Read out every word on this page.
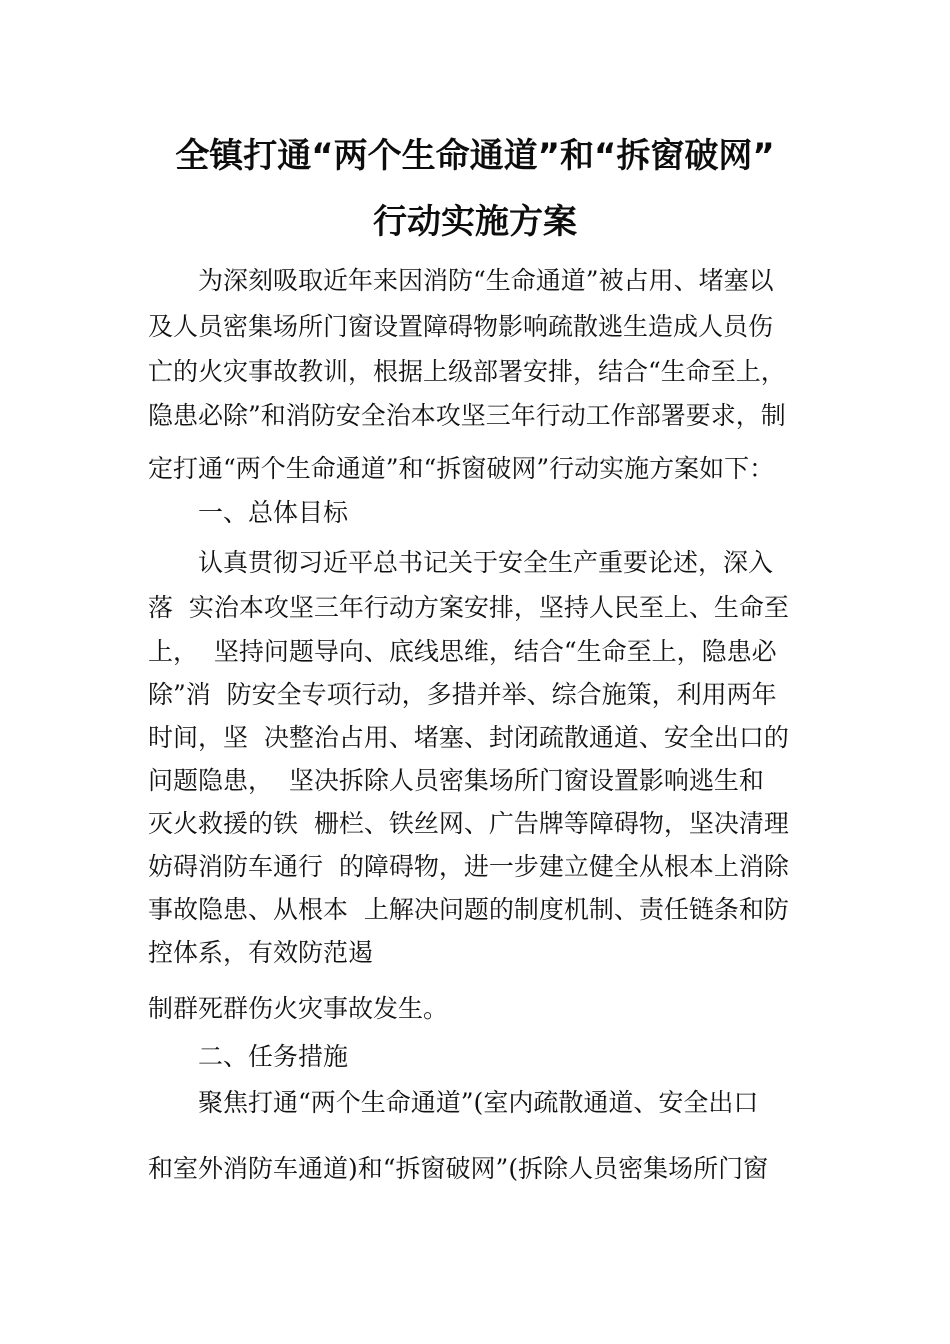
全镇打通“两个生命通道”和“拆窗破网”
行动实施方案
为深刻吸取近年来因消防“生命通道”被占用、堵塞以
及人员密集场所门窗设置障碍物影响疏散逃生造成人员伤
亡的火灾事故教训，根据上级部署安排，结合“生命至上，
隐患必除”和消防安全治本攻坚三年行动工作部署要求，制
定打通“两个生命通道”和“拆窗破网”行动实施方案如下：
一、总体目标
认真贯彻习近平总书记关于安全生产重要论述，深入
落  实治本攻坚三年行动方案安排，坚持人民至上、生命至
上，  坚持问题导向、底线思维，结合“生命至上，隐患必
除”消  防安全专项行动，多措并举、综合施策，利用两年
时间，坚  决整治占用、堵塞、封闭疏散通道、安全出口的
问题隐患，  坚决拆除人员密集场所门窗设置影响逃生和
灭火救援的铁  栅栏、铁丝网、广告牌等障碍物，坚决清理
妨碍消防车通行  的障碍物，进一步建立健全从根本上消除
事故隐患、从根本  上解决问题的制度机制、责任链条和防
控体系，有效防范遏
制群死群伤火灾事故发生。
二、任务措施
聚焦打通“两个生命通道”(室内疏散通道、安全出口
和室外消防车通道)和“拆窗破网”(拆除人员密集场所门窗
